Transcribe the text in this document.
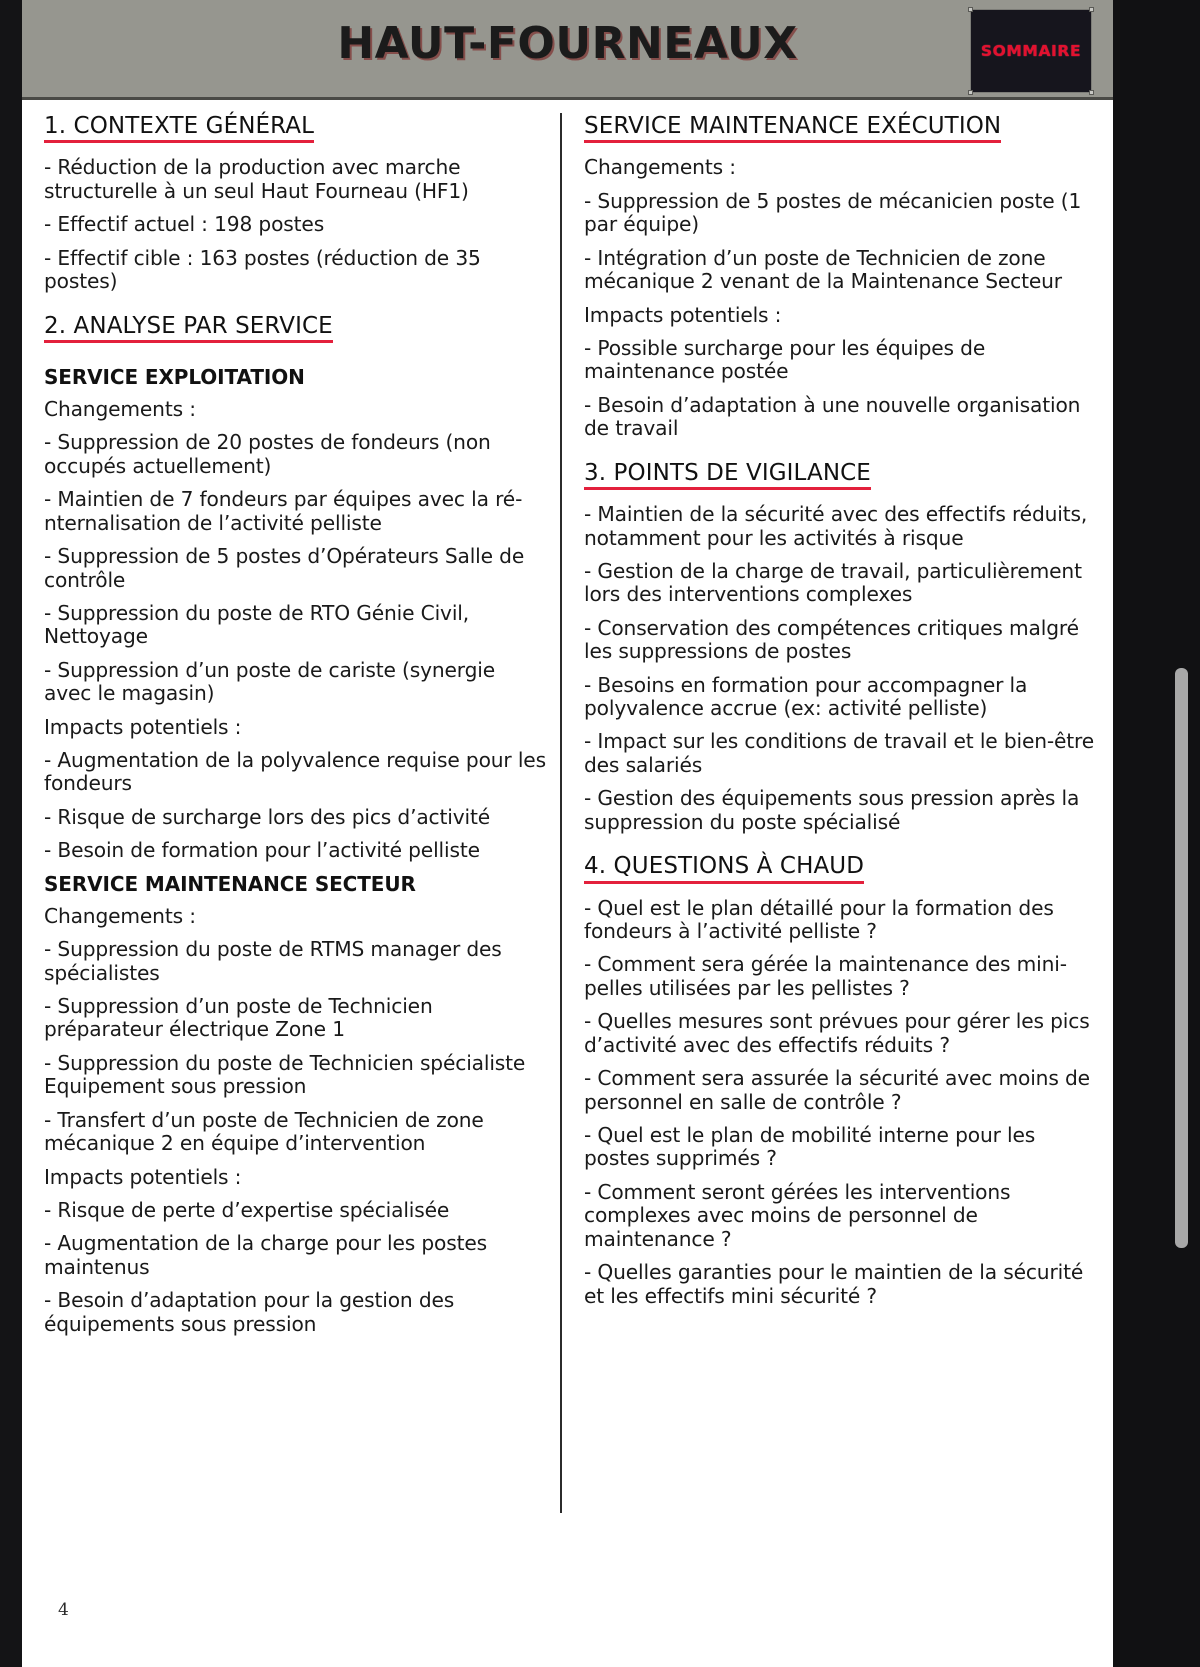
HAUT-FOURNEAUX	SOMMAIRE
1. CONTEXTE GÉNÉRAL

- Réduction de la production avec marche structurelle à un seul Haut Fourneau (HF1)

- Effectif actuel : 198 postes

- Effectif cible : 163 postes (réduction de 35 postes)

2. ANALYSE PAR SERVICE
SERVICE EXPLOITATION

Changements :

- Suppression de 20 postes de fondeurs (non occupés actuellement)

- Maintien de 7 fondeurs par équipes avec la ré-nternalisation de l’activité pelliste

- Suppression de 5 postes d’Opérateurs Salle de contrôle

- Suppression du poste de RTO Génie Civil, Nettoyage

- Suppression d’un poste de cariste (synergie avec le magasin)

Impacts potentiels :

- Augmentation de la polyvalence requise pour les fondeurs

- Risque de surcharge lors des pics d’activité

- Besoin de formation pour l’activité pelliste

SERVICE MAINTENANCE SECTEUR

Changements :

- Suppression du poste de RTMS manager des spécialistes

- Suppression d’un poste de Technicien préparateur électrique Zone 1

- Suppression du poste de Technicien spécialiste Equipement sous pression

- Transfert d’un poste de Technicien de zone mécanique 2 en équipe d’intervention

Impacts potentiels :

- Risque de perte d’expertise spécialisée

- Augmentation de la charge pour les postes maintenus

- Besoin d’adaptation pour la gestion des équipements sous pression

SERVICE MAINTENANCE EXÉCUTION

Changements :

- Suppression de 5 postes de mécanicien poste (1 par équipe)

- Intégration d’un poste de Technicien de zone mécanique 2 venant de la Maintenance Secteur

Impacts potentiels :

- Possible surcharge pour les équipes de maintenance postée

- Besoin d’adaptation à une nouvelle organisation de travail

3. POINTS DE VIGILANCE

- Maintien de la sécurité avec des effectifs réduits, notamment pour les activités à risque

- Gestion de la charge de travail, particulièrement lors des interventions complexes

- Conservation des compétences critiques malgré les suppressions de postes

- Besoins en formation pour accompagner la polyvalence accrue (ex: activité pelliste)

- Impact sur les conditions de travail et le bien-être des salariés

- Gestion des équipements sous pression après la suppression du poste spécialisé

4. QUESTIONS À CHAUD

- Quel est le plan détaillé pour la formation des fondeurs à l’activité pelliste ?

- Comment sera gérée la maintenance des mini-pelles utilisées par les pellistes ?

- Quelles mesures sont prévues pour gérer les pics d’activité avec des effectifs réduits ?

- Comment sera assurée la sécurité avec moins de personnel en salle de contrôle ?

- Quel est le plan de mobilité interne pour les postes supprimés ?

- Comment seront gérées les interventions complexes avec moins de personnel de maintenance ?

- Quelles garanties pour le maintien de la sécurité et les effectifs mini sécurité ?

4
